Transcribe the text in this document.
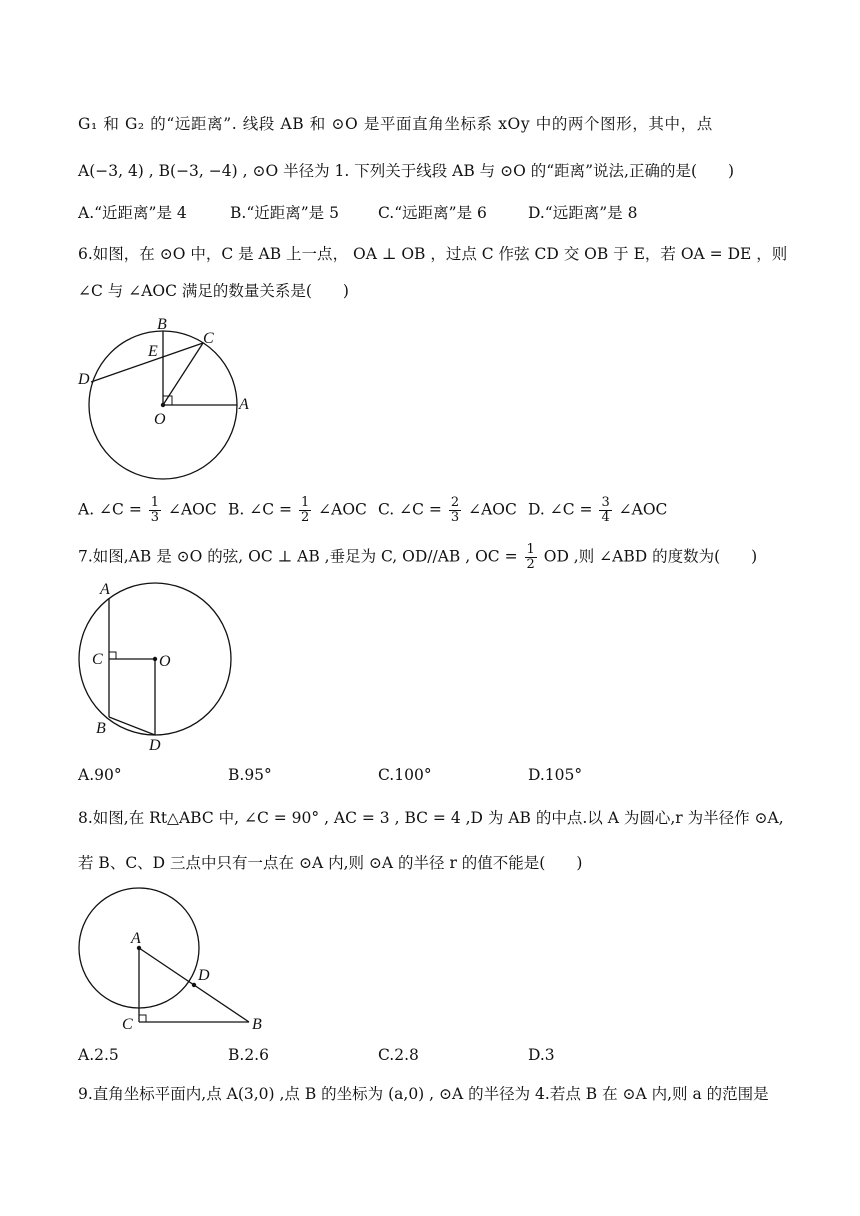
G₁ 和 G₂ 的“远距离”. 线段 AB 和 ⊙O 是平面直角坐标系 xOy 中的两个图形，其中，点
A(−3, 4) , B(−3, −4) , ⊙O 半径为 1. 下列关于线段 AB 与 ⊙O 的“距离”说法,正确的是(　　)
A.“近距离”是 4	B.“近距离”是 5	C.“远距离”是 6	D.“远距离”是 8
6.如图，在 ⊙O 中，C 是 AB 上一点， OA ⊥ OB ，过点 C 作弦 CD 交 OB 于 E，若 OA = DE ，则
∠C 与 ∠AOC 满足的数量关系是(　　)
B
C
E
D
O
A
A. ∠C = $\frac{1}{3}$ ∠AOC B. ∠C = $\frac{1}{2}$ ∠AOC C. ∠C = $\frac{2}{3}$ ∠AOC D. ∠C = $\frac{3}{4}$ ∠AOC
7.如图,AB 是 ⊙O 的弦, OC ⊥ AB ,垂足为 C, OD//AB , OC = $\frac{1}{2}$ OD ,则 ∠ABD 的度数为(　　)
A
C	O
B
D
A.90°	B.95°	C.100°	D.105°
8.如图,在 Rt△ABC 中, ∠C = 90° , AC = 3 , BC = 4 ,D 为 AB 的中点.以 A 为圆心,r 为半径作 ⊙A,
若 B、C、D 三点中只有一点在 ⊙A 内,则 ⊙A 的半径 r 的值不能是(　　)
A
D
C	B
A.2.5	B.2.6	C.2.8	D.3
9.直角坐标平面内,点 A(3,0) ,点 B 的坐标为 (a,0) , ⊙A 的半径为 4.若点 B 在 ⊙A 内,则 a 的范围是
